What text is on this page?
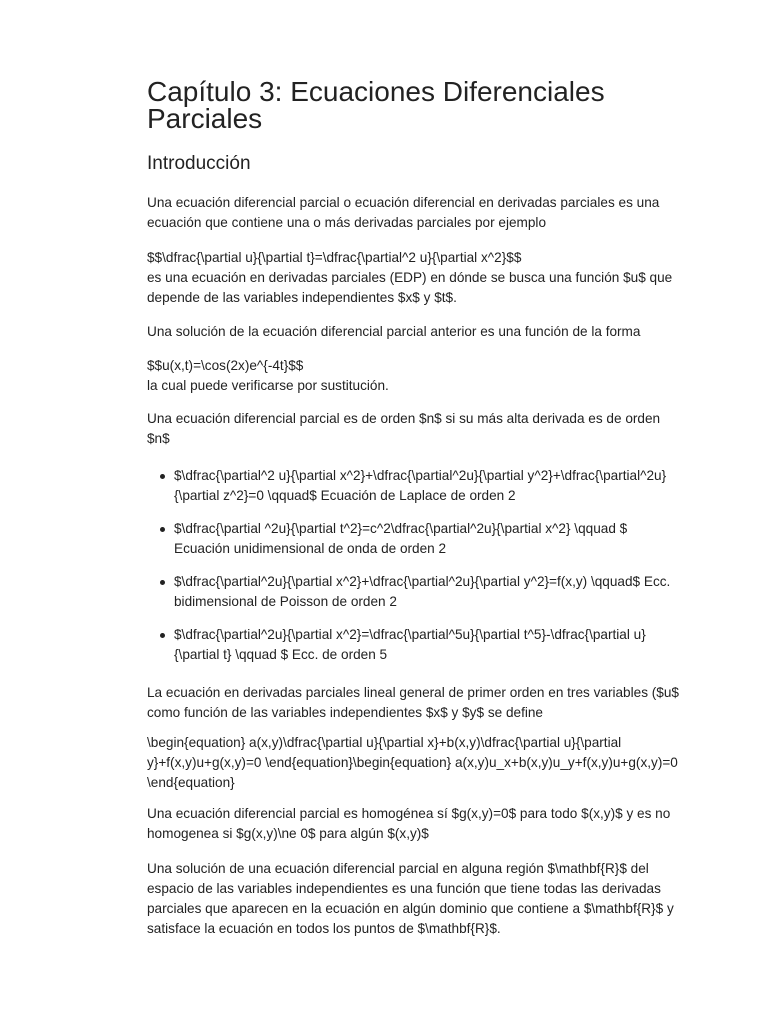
Capítulo 3: Ecuaciones Diferenciales Parciales
Introducción

Una ecuación diferencial parcial o ecuación diferencial en derivadas parciales es una ecuación que contiene una o más derivadas parciales por ejemplo

$$\dfrac{\partial u}{\partial t}=\dfrac{\partial^2 u}{\partial x^2}$$
es una ecuación en derivadas parciales (EDP) en dónde se busca una función $u$ que depende de las variables independientes $x$ y $t$.

Una solución de la ecuación diferencial parcial anterior es una función de la forma

$$u(x,t)=\cos(2x)e^{-4t}$$
la cual puede verificarse por sustitución.

Una ecuación diferencial parcial es de orden $n$ si su más alta derivada es de orden $n$

$\dfrac{\partial^2 u}{\partial x^2}+\dfrac{\partial^2u}{\partial y^2}+\dfrac{\partial^2u}{\partial z^2}=0 \qquad$ Ecuación de Laplace de orden 2
$\dfrac{\partial ^2u}{\partial t^2}=c^2\dfrac{\partial^2u}{\partial x^2} \qquad $ Ecuación unidimensional de onda de orden 2
$\dfrac{\partial^2u}{\partial x^2}+\dfrac{\partial^2u}{\partial y^2}=f(x,y) \qquad$ Ecc. bidimensional de Poisson de orden 2
$\dfrac{\partial^2u}{\partial x^2}=\dfrac{\partial^5u}{\partial t^5}-\dfrac{\partial u}{\partial t} \qquad $ Ecc. de orden 5

La ecuación en derivadas parciales lineal general de primer orden en tres variables ($u$ como función de las variables independientes $x$ y $y$ se define

\begin{equation} a(x,y)\dfrac{\partial u}{\partial x}+b(x,y)\dfrac{\partial u}{\partial y}+f(x,y)u+g(x,y)=0 \end{equation}\begin{equation} a(x,y)u_x+b(x,y)u_y+f(x,y)u+g(x,y)=0 \end{equation}

Una ecuación diferencial parcial es homogénea sí $g(x,y)=0$ para todo $(x,y)$ y es no homogenea si $g(x,y)\ne 0$ para algún $(x,y)$

Una solución de una ecuación diferencial parcial en alguna región $\mathbf{R}$ del espacio de las variables independientes es una función que tiene todas las derivadas parciales que aparecen en la ecuación en algún dominio que contiene a $\mathbf{R}$ y satisface la ecuación en todos los puntos de $\mathbf{R}$.
